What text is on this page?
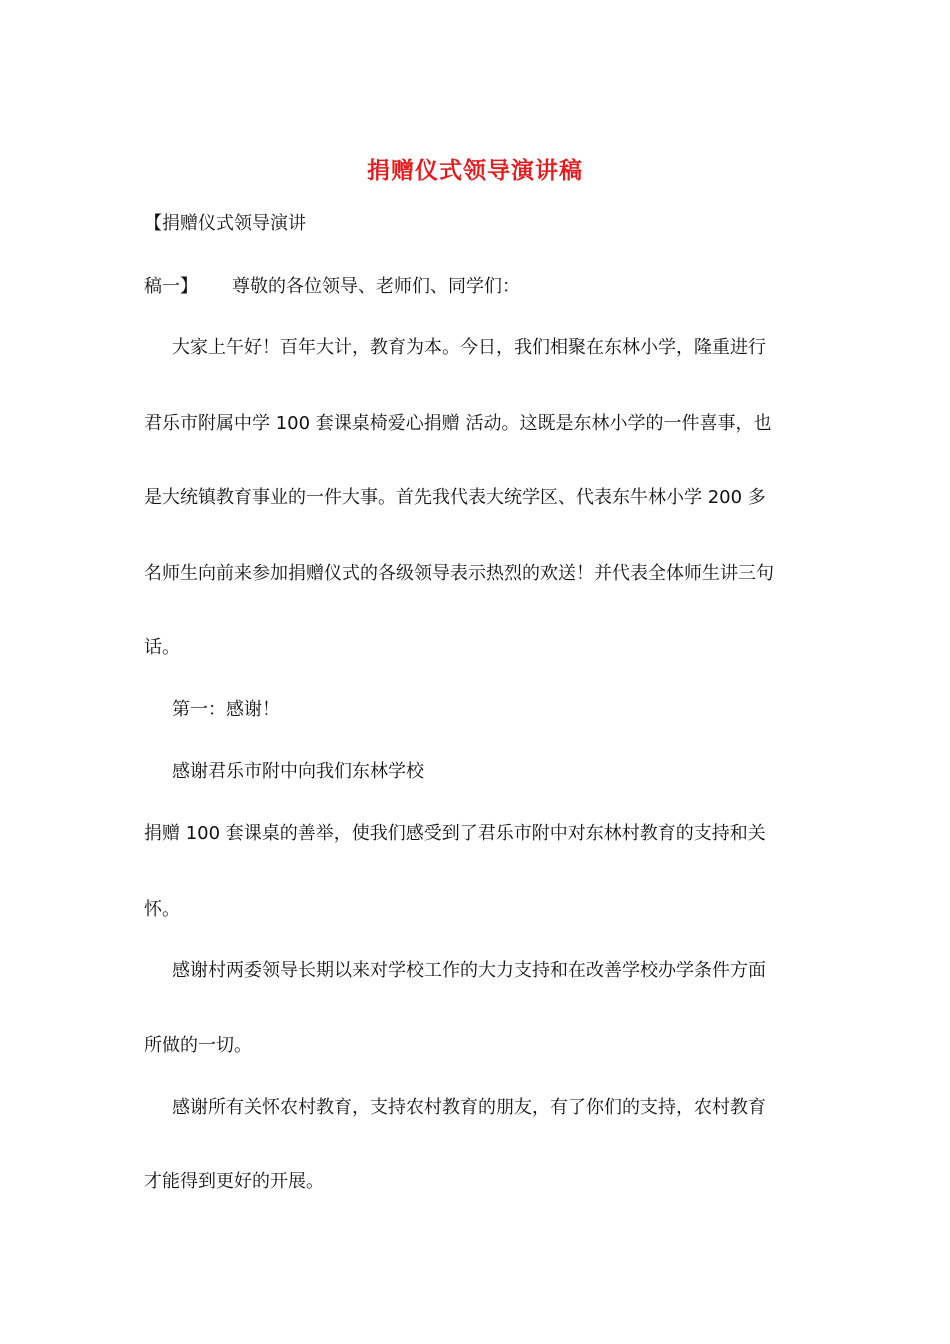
捐赠仪式领导演讲稿
【捐赠仪式领导演讲
稿一】 尊敬的各位领导、老师们、同学们：
大家上午好！百年大计，教育为本。今日，我们相聚在东林小学，隆重进行
君乐市附属中学 100 套课桌椅爱心捐赠 活动。这既是东林小学的一件喜事，也
是大统镇教育事业的一件大事。首先我代表大统学区、代表东牛林小学 200 多
名师生向前来参加捐赠仪式的各级领导表示热烈的欢送！并代表全体师生讲三句
话。
第一：感谢！
感谢君乐市附中向我们东林学校
捐赠 100 套课桌的善举，使我们感受到了君乐市附中对东林村教育的支持和关
怀。
感谢村两委领导长期以来对学校工作的大力支持和在改善学校办学条件方面
所做的一切。
感谢所有关怀农村教育，支持农村教育的朋友，有了你们的支持，农村教育
才能得到更好的开展。
